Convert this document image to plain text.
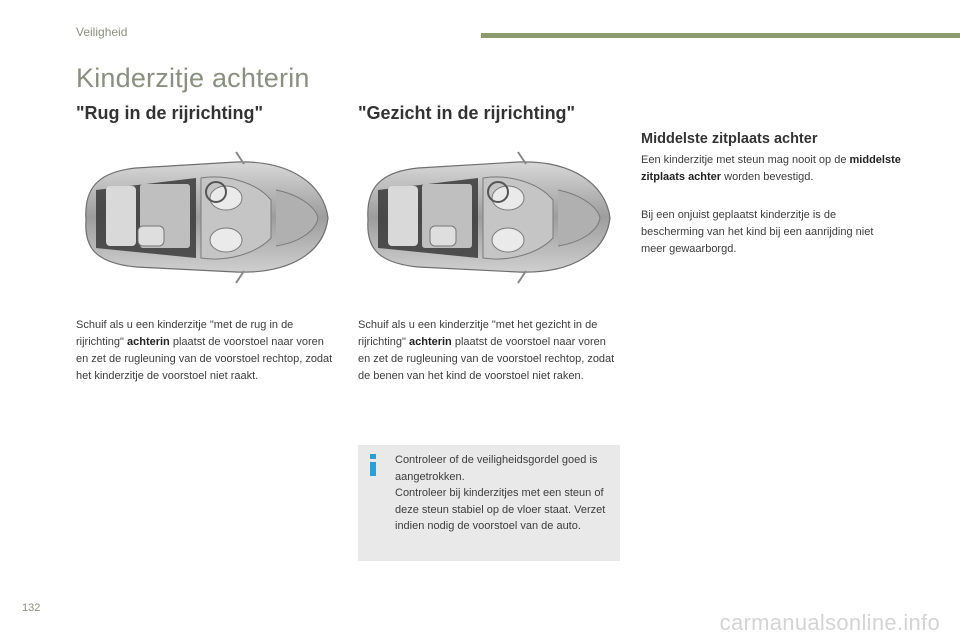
Veiligheid
Kinderzitje achterin
"Rug in de rijrichting"	"Gezicht in de rijrichting"
Middelste zitplaats achter
Schuif als u een kinderzitje "met de rug in de rijrichting" achterin plaatst de voorstoel naar voren en zet de rugleuning van de voorstoel rechtop, zodat het kinderzitje de voorstoel niet raakt.
Schuif als u een kinderzitje "met het gezicht in de rijrichting" achterin plaatst de voorstoel naar voren en zet de rugleuning van de voorstoel rechtop, zodat de benen van het kind de voorstoel niet raken.
Een kinderzitje met steun mag nooit op de middelste zitplaats achter worden bevestigd.
Bij een onjuist geplaatst kinderzitje is de bescherming van het kind bij een aanrijding niet meer gewaarborgd.
Controleer of de veiligheidsgordel goed is aangetrokken.
Controleer bij kinderzitjes met een steun of deze steun stabiel op de vloer staat. Verzet indien nodig de voorstoel van de auto.
132
carmanualsonline.info
